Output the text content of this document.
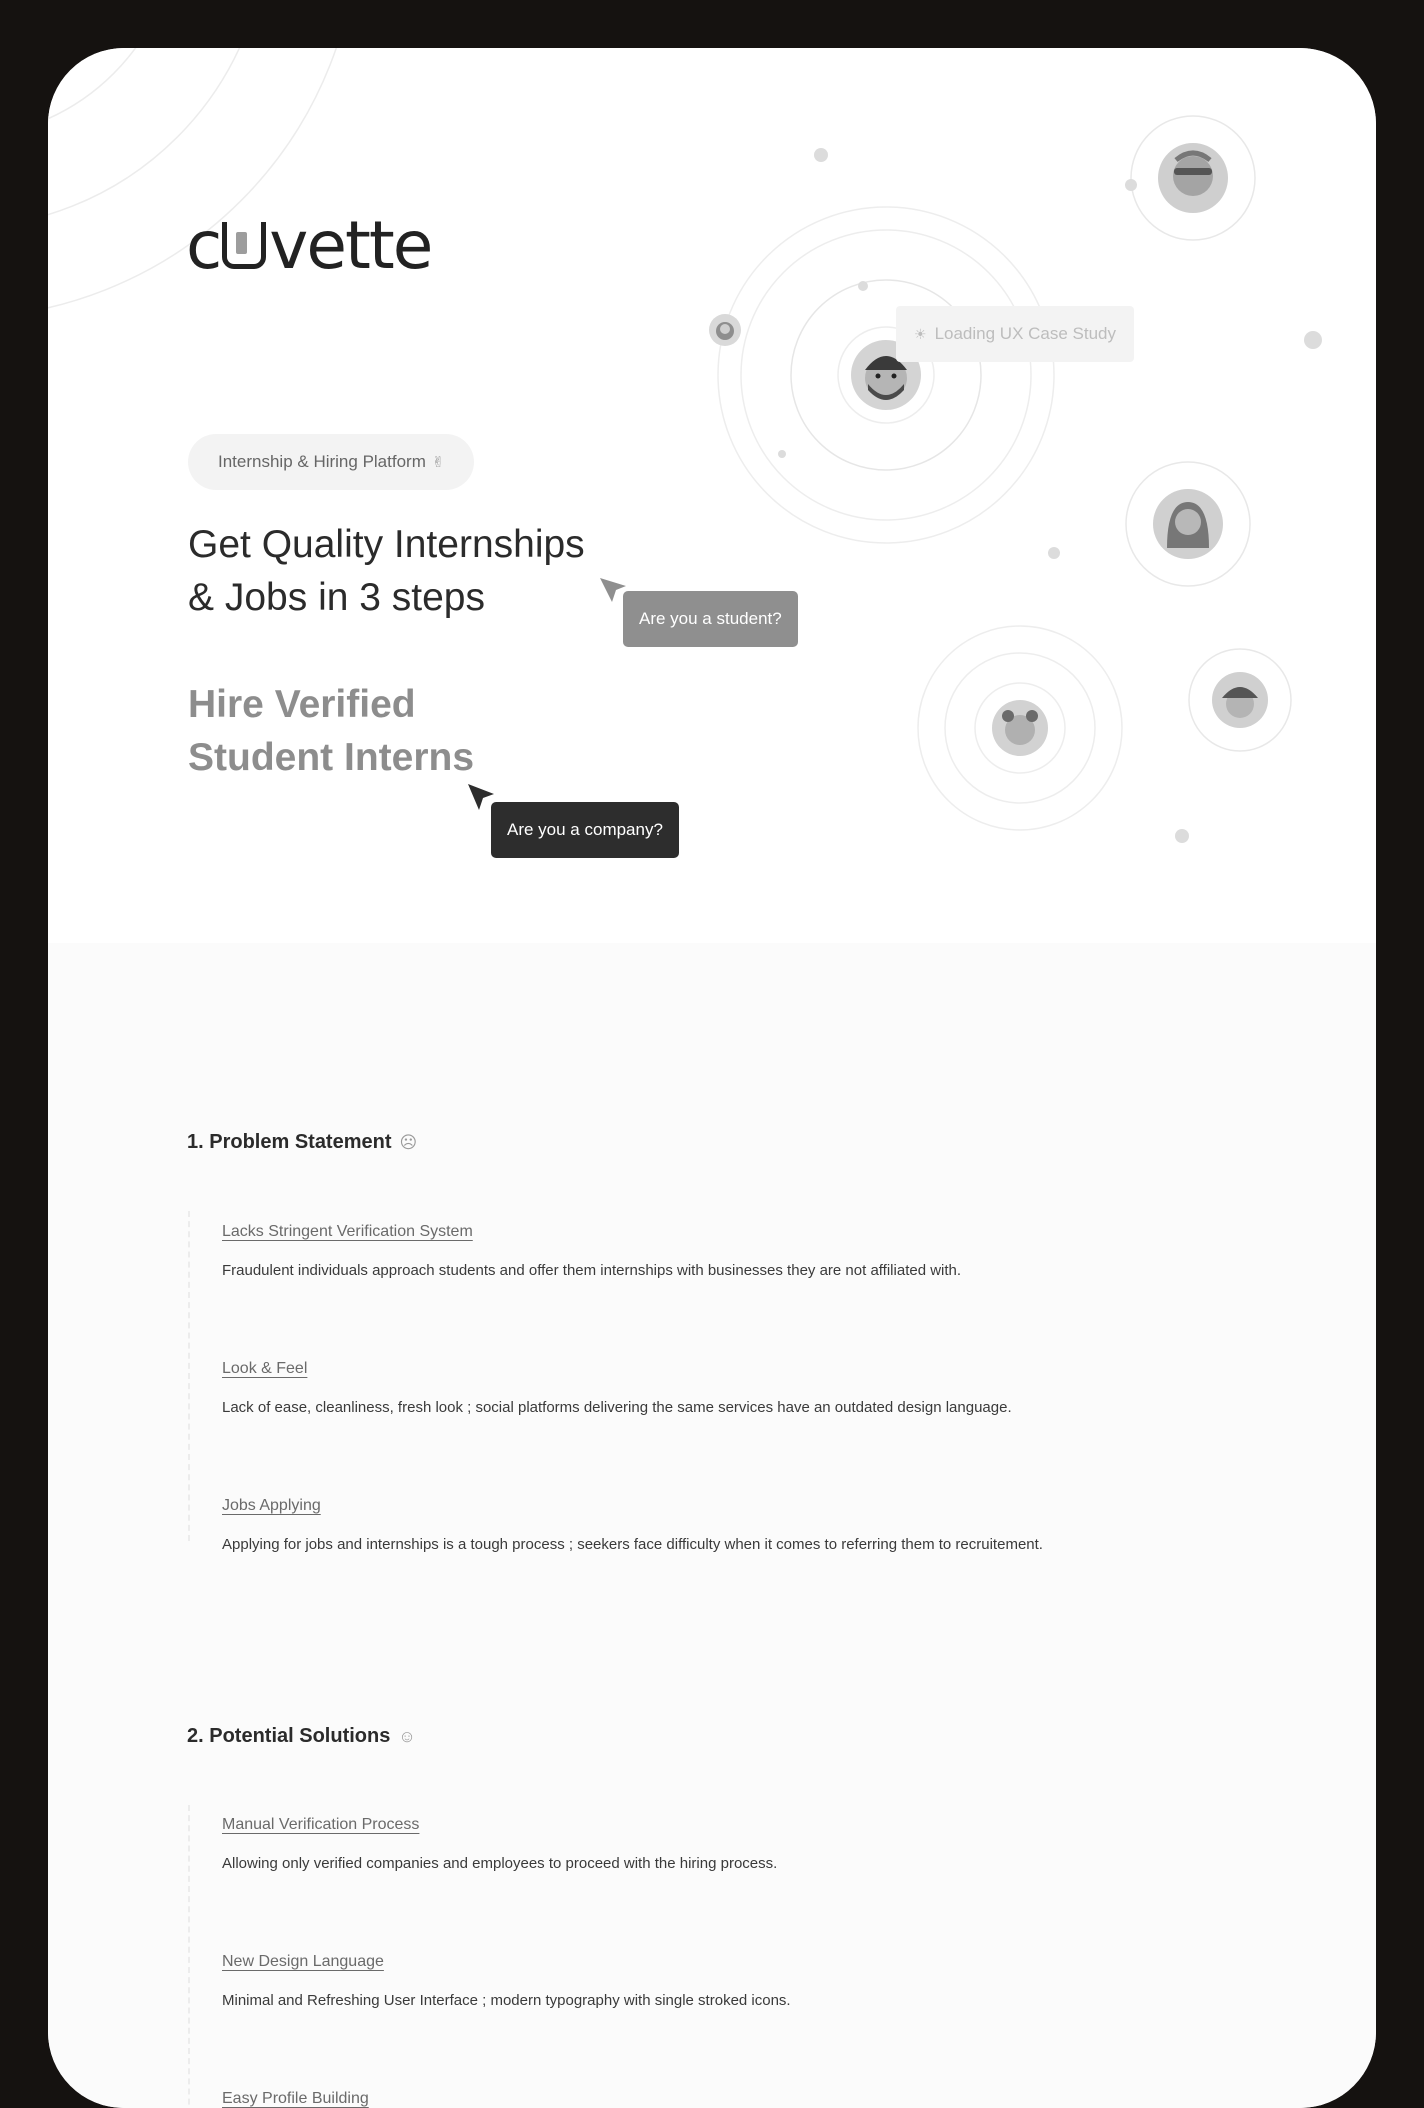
c vette
☀ Loading UX Case Study
Internship & Hiring Platform ✌
Get Quality Internships
& Jobs in 3 steps	Are you a student?
Hire Verified
Student Interns
Are you a company?
1. Problem Statement ☹

Lacks Stringent Verification System

Fraudulent individuals approach students and offer them internships with businesses they are not affiliated with.

Look & Feel

Lack of ease, cleanliness, fresh look ; social platforms delivering the same services have an outdated design language.

Jobs Applying

Applying for jobs and internships is a tough process ; seekers face difficulty when it comes to referring them to recruitement.

2. Potential Solutions ☺

Manual Verification Process

Allowing only verified companies and employees to proceed with the hiring process.

New Design Language

Minimal and Refreshing User Interface ; modern typography with single stroked icons.

Easy Profile Building
